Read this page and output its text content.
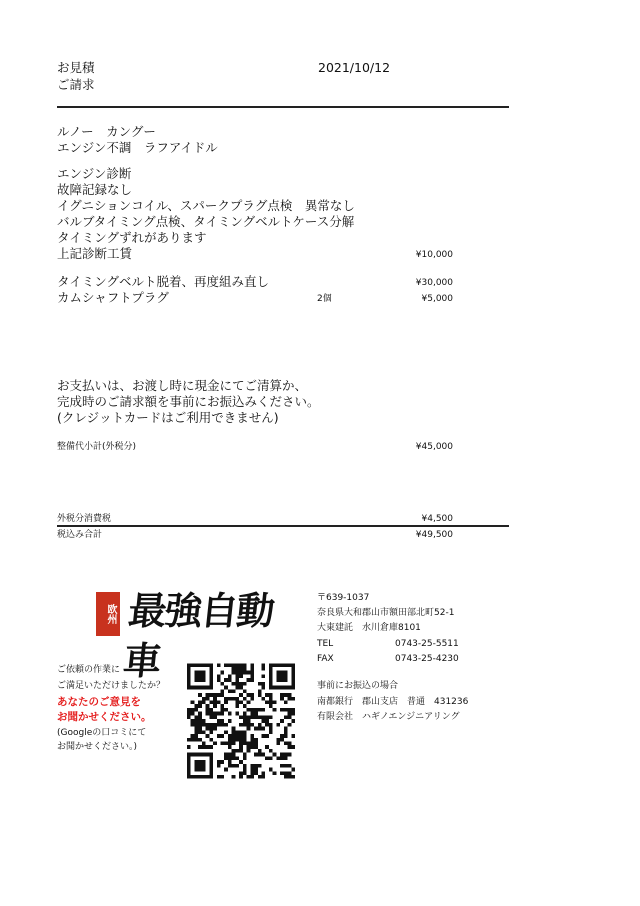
お見積
ご請求
2021/10/12
ルノー　カングー
エンジン不調　ラフアイドル
エンジン診断
故障記録なし
イグニションコイル、スパークプラグ点検　異常なし
バルブタイミング点検、タイミングベルトケース分解
タイミングずれがあります
上記診断工賃	¥10,000
タイミングベルト脱着、再度組み直し	¥30,000
カムシャフトプラグ	2個	¥5,000
お支払いは、お渡し時に現金にてご清算か、
完成時のご請求額を事前にお振込みください。
(クレジットカードはご利用できません)
整備代小計(外税分)	¥45,000
外税分消費税	¥4,500
税込み合計	¥49,500
欧州 最強自動車
〒639-1037
奈良県大和郡山市額田部北町52-1
大東建託　水川倉庫8101
TEL	0743-25-5511
FAX	0743-25-4230
ご依頼の作業に
ご満足いただけましたか？
あなたのご意見を
お聞かせください。
(Googleの口コミにて
お聞かせください。)
事前にお振込の場合
南都銀行　郡山支店　普通　431236
有限会社　ハギノエンジニアリング
